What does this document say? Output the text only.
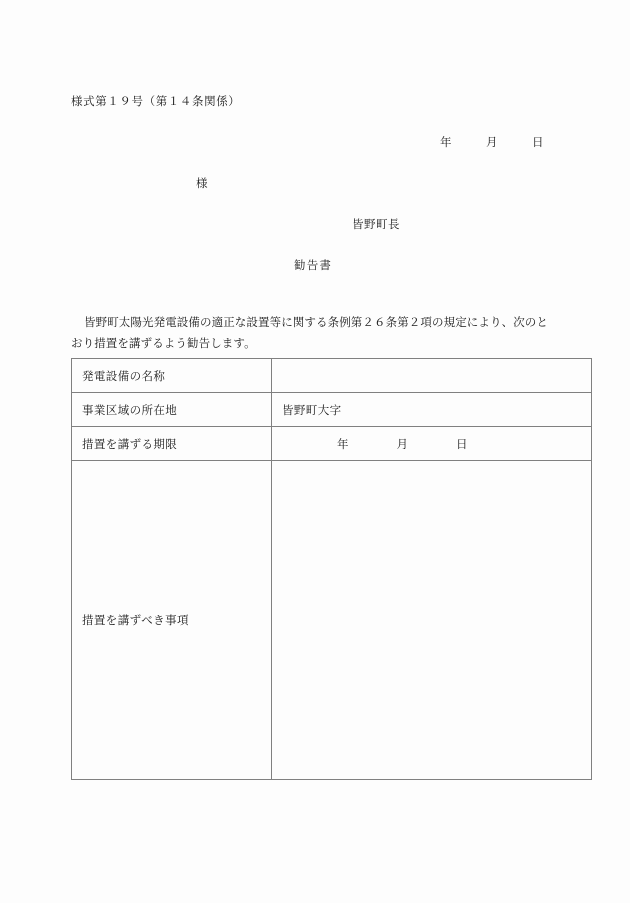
様式第１９号（第１４条関係）
年　　　月　　　日
様
皆野町長
勧告書
皆野町太陽光発電設備の適正な設置等に関する条例第２６条第２項の規定により、次のとおり措置を講ずるよう勧告します。
発電設備の名称	
事業区域の所在地	皆野町大字
措置を講ずる期限	年　　　　月　　　　日
措置を講ずべき事項	
